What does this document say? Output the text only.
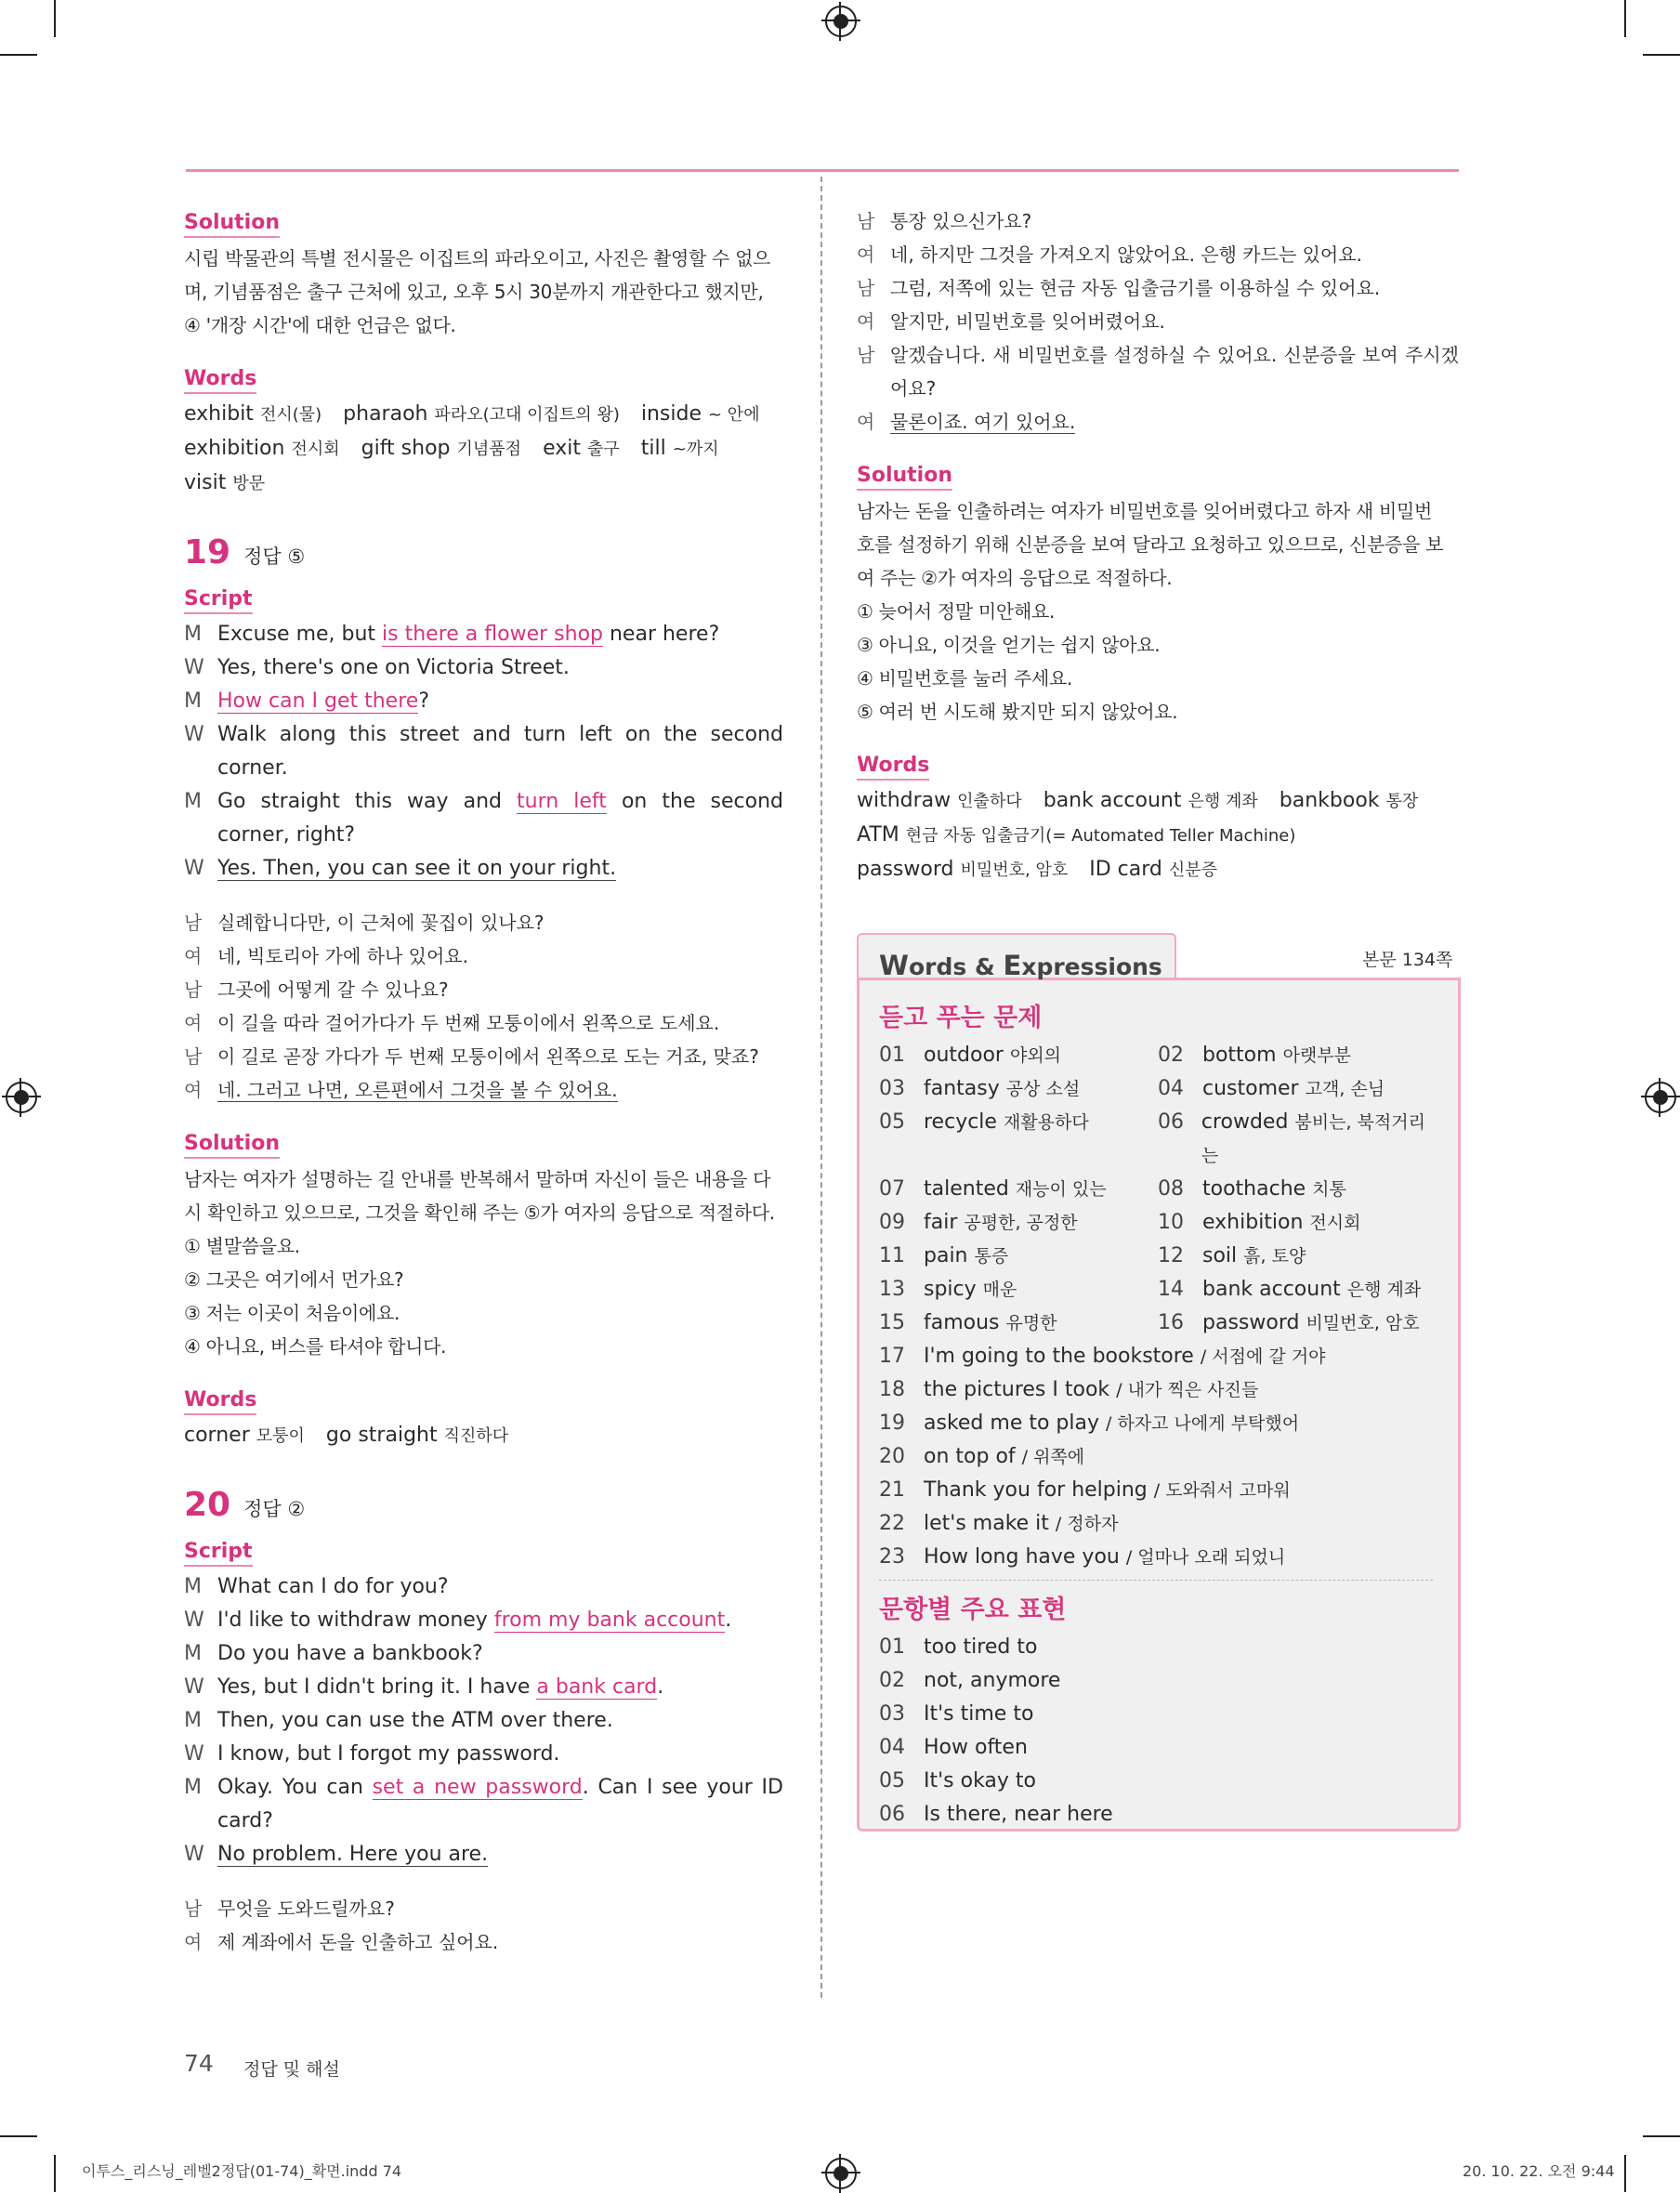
Solution
시립 박물관의 특별 전시물은 이집트의 파라오이고, 사진은 촬영할 수 없으
며, 기념품점은 출구 근처에 있고, 오후 5시 30분까지 개관한다고 했지만,
④ '개장 시간'에 대한 언급은 없다.
Words
exhibit 전시(물) pharaoh 파라오(고대 이집트의 왕) inside ~ 안에
exhibition 전시회 gift shop 기념품점 exit 출구 till ~까지
visit 방문
19 정답 ⑤
Script
M Excuse me, but is there a flower shop near here?
W Yes, there's one on Victoria Street.
M How can I get there?
W Walk along this street and turn left on the second corner.
M Go straight this way and turn left on the second corner, right?
W Yes. Then, you can see it on your right.
남 실례합니다만, 이 근처에 꽃집이 있나요?
여 네, 빅토리아 가에 하나 있어요.
남 그곳에 어떻게 갈 수 있나요?
여 이 길을 따라 걸어가다가 두 번째 모퉁이에서 왼쪽으로 도세요.
남 이 길로 곧장 가다가 두 번째 모퉁이에서 왼쪽으로 도는 거죠, 맞죠?
여 네. 그러고 나면, 오른편에서 그것을 볼 수 있어요.
Solution
남자는 여자가 설명하는 길 안내를 반복해서 말하며 자신이 들은 내용을 다
시 확인하고 있으므로, 그것을 확인해 주는 ⑤가 여자의 응답으로 적절하다.
① 별말씀을요.
② 그곳은 여기에서 먼가요?
③ 저는 이곳이 처음이에요.
④ 아니요, 버스를 타셔야 합니다.
Words
corner 모퉁이 go straight 직진하다
20 정답 ②
Script
M What can I do for you?
W I'd like to withdraw money from my bank account.
M Do you have a bankbook?
W Yes, but I didn't bring it. I have a bank card.
M Then, you can use the ATM over there.
W I know, but I forgot my password.
M Okay. You can set a new password. Can I see your ID card?
W No problem. Here you are.
남 무엇을 도와드릴까요?
여 제 계좌에서 돈을 인출하고 싶어요.
남 통장 있으신가요?
여 네, 하지만 그것을 가져오지 않았어요. 은행 카드는 있어요.
남 그럼, 저쪽에 있는 현금 자동 입출금기를 이용하실 수 있어요.
여 알지만, 비밀번호를 잊어버렸어요.
남 알겠습니다. 새 비밀번호를 설정하실 수 있어요. 신분증을 보여 주시겠어요?
여 물론이죠. 여기 있어요.
Solution
남자는 돈을 인출하려는 여자가 비밀번호를 잊어버렸다고 하자 새 비밀번
호를 설정하기 위해 신분증을 보여 달라고 요청하고 있으므로, 신분증을 보
여 주는 ②가 여자의 응답으로 적절하다.
① 늦어서 정말 미안해요.
③ 아니요, 이것을 얻기는 쉽지 않아요.
④ 비밀번호를 눌러 주세요.
⑤ 여러 번 시도해 봤지만 되지 않았어요.
Words
withdraw 인출하다 bank account 은행 계좌 bankbook 통장
ATM 현금 자동 입출금기(= Automated Teller Machine)
password 비밀번호, 암호 ID card 신분증
Words & Expressions	본문 134쪽
듣고 푸는 문제
01 outdoor 야외의	02 bottom 아랫부분
03 fantasy 공상 소설	04 customer 고객, 손님
05 recycle 재활용하다	06 crowded 붐비는, 북적거리는
07 talented 재능이 있는	08 toothache 치통
09 fair 공평한, 공정한	10 exhibition 전시회
11 pain 통증	12 soil 흙, 토양
13 spicy 매운	14 bank account 은행 계좌
15 famous 유명한	16 password 비밀번호, 암호
17 I'm going to the bookstore / 서점에 갈 거야
18 the pictures I took / 내가 찍은 사진들
19 asked me to play / 하자고 나에게 부탁했어
20 on top of / 위쪽에
21 Thank you for helping / 도와줘서 고마워
22 let's make it / 정하자
23 How long have you / 얼마나 오래 되었니
문항별 주요 표현
01 too tired to
02 not, anymore
03 It's time to
04 How often
05 It's okay to
06 Is there, near here
74 정답 및 해설
이투스_리스닝_레벨2정답(01-74)_확면.indd 74	20. 10. 22. 오전 9:44
